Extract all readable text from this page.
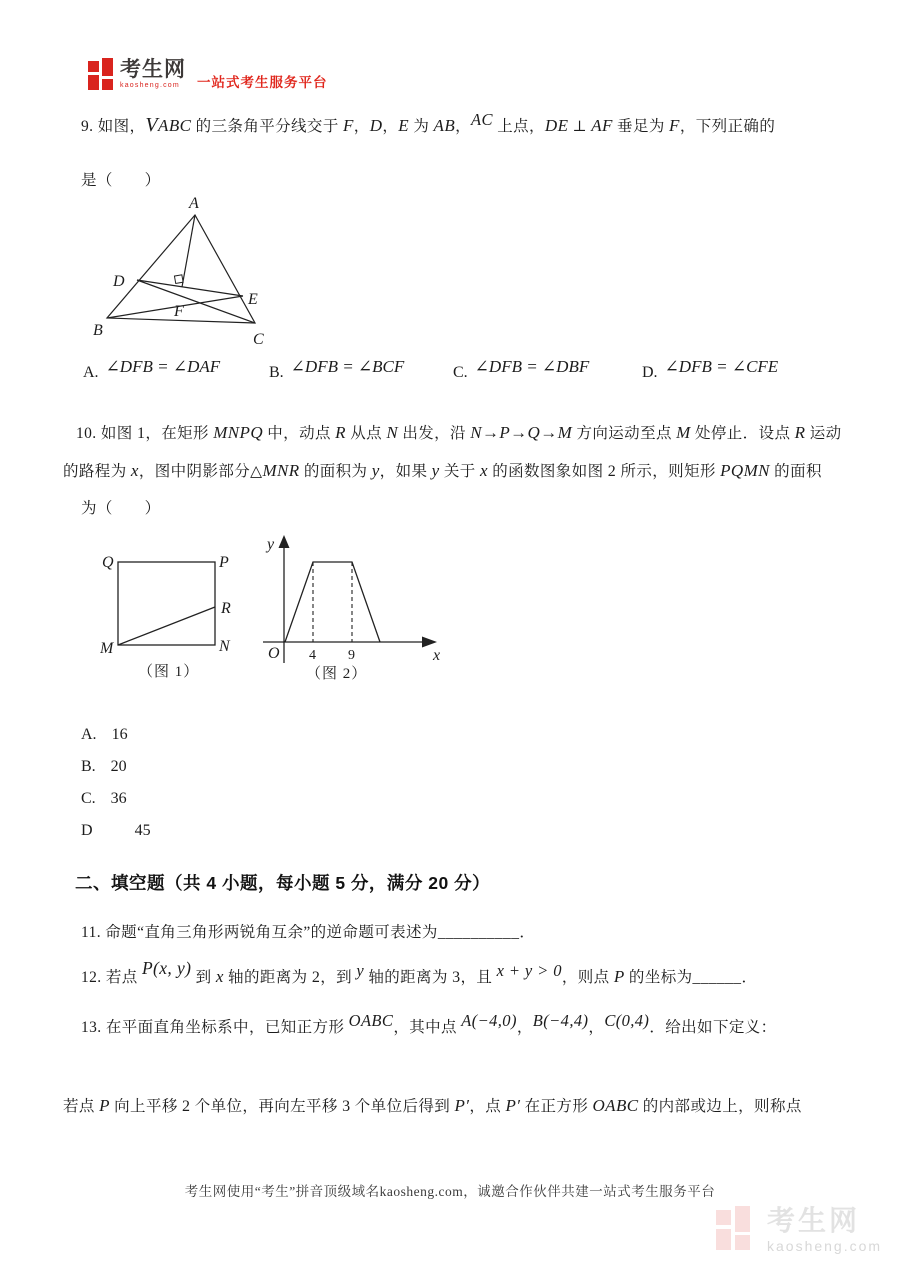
考生网
kaosheng.com	一站式考生服务平台
9. 如图，VABC 的三条角平分线交于 F，D，E 为 AB，AC 上点，DE ⊥ AF 垂足为 F，下列正确的
是（　　）
A
D
E
F
B
C
A. ∠DFB = ∠DAF	B. ∠DFB = ∠BCF	C. ∠DFB = ∠DBF	D. ∠DFB = ∠CFE
10. 如图 1，在矩形 MNPQ 中，动点 R 从点 N 出发，沿 N→P→Q→M 方向运动至点 M 处停止．设点 R 运动
的路程为 x，图中阴影部分△MNR 的面积为 y，如果 y 关于 x 的函数图象如图 2 所示，则矩形 PQMN 的面积
为（　　）
Q	P
R
N
M
（图 1）
y
x
O 4 9
（图 2）
A. 16
B. 20
C. 36
D	45
二、填空题（共 4 小题，每小题 5 分，满分 20 分）
11. 命题“直角三角形两锐角互余”的逆命题可表述为__________．
12. 若点 P(x, y) 到 x 轴的距离为 2，到 y 轴的距离为 3，且 x + y > 0，则点 P 的坐标为______．
13. 在平面直角坐标系中，已知正方形 OABC，其中点 A(−4,0)，B(−4,4)，C(0,4)．给出如下定义：
若点 P 向上平移 2 个单位，再向左平移 3 个单位后得到 P′，点 P′ 在正方形 OABC 的内部或边上，则称点
考生网使用“考生”拼音顶级域名kaosheng.com，诚邀合作伙伴共建一站式考生服务平台
考生网
kaosheng.com
